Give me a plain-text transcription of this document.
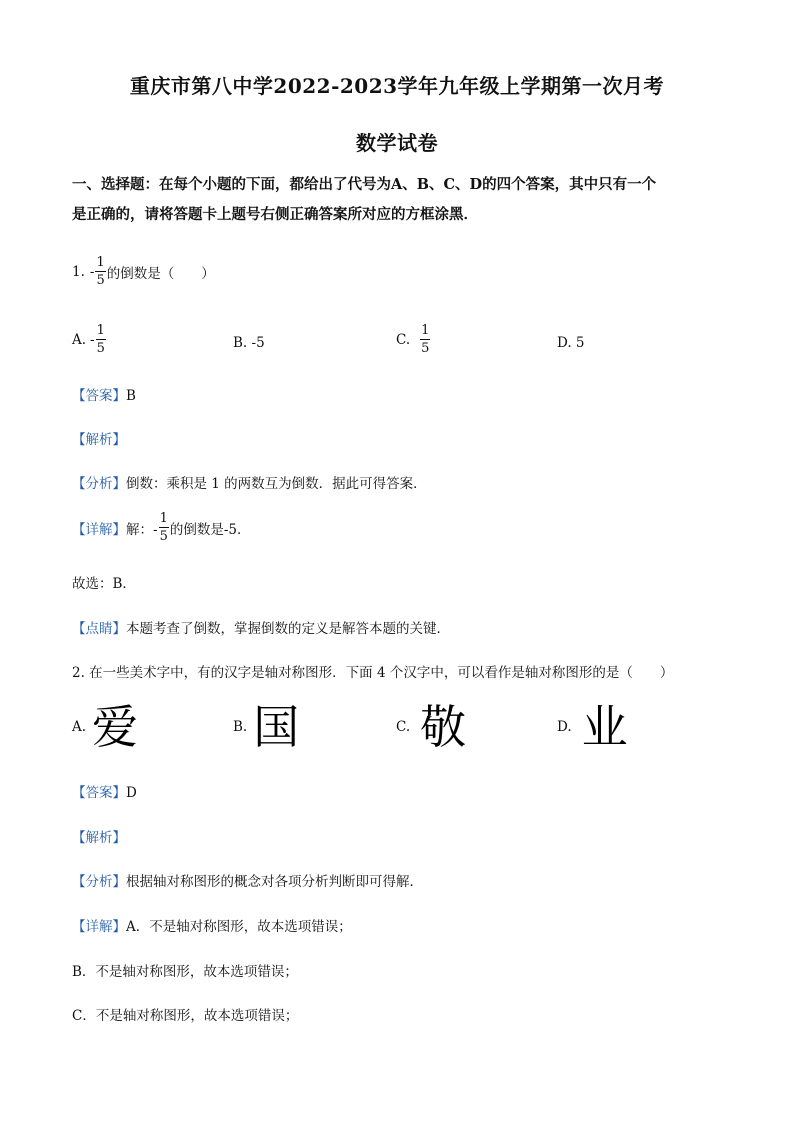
重庆市第八中学2022-2023学年九年级上学期第一次月考
数学试卷
一、选择题：在每个小题的下面，都给出了代号为A、B、C、D的四个答案，其中只有一个
是正确的，请将答题卡上题号右侧正确答案所对应的方框涂黑．
1. - $\frac{1}{5}$ 的倒数是（　　）
A. - $\frac{1}{5}$	B. -5	C. $\frac{1}{5}$	D. 5
【答案】B
【解析】
【分析】倒数：乘积是 1 的两数互为倒数．据此可得答案．
【详解】 解：- $\frac{1}{5}$ 的倒数是-5．
故选：B．
【点睛】本题考查了倒数，掌握倒数的定义是解答本题的关键．
2. 在一些美术字中，有的汉字是轴对称图形．下面 4 个汉字中，可以看作是轴对称图形的是（　　）
A. 爱	B. 国	C. 敬	D. 业
【答案】D
【解析】
【分析】根据轴对称图形的概念对各项分析判断即可得解．
【详解】A．不是轴对称图形，故本选项错误；
B．不是轴对称图形，故本选项错误；
C．不是轴对称图形，故本选项错误；
